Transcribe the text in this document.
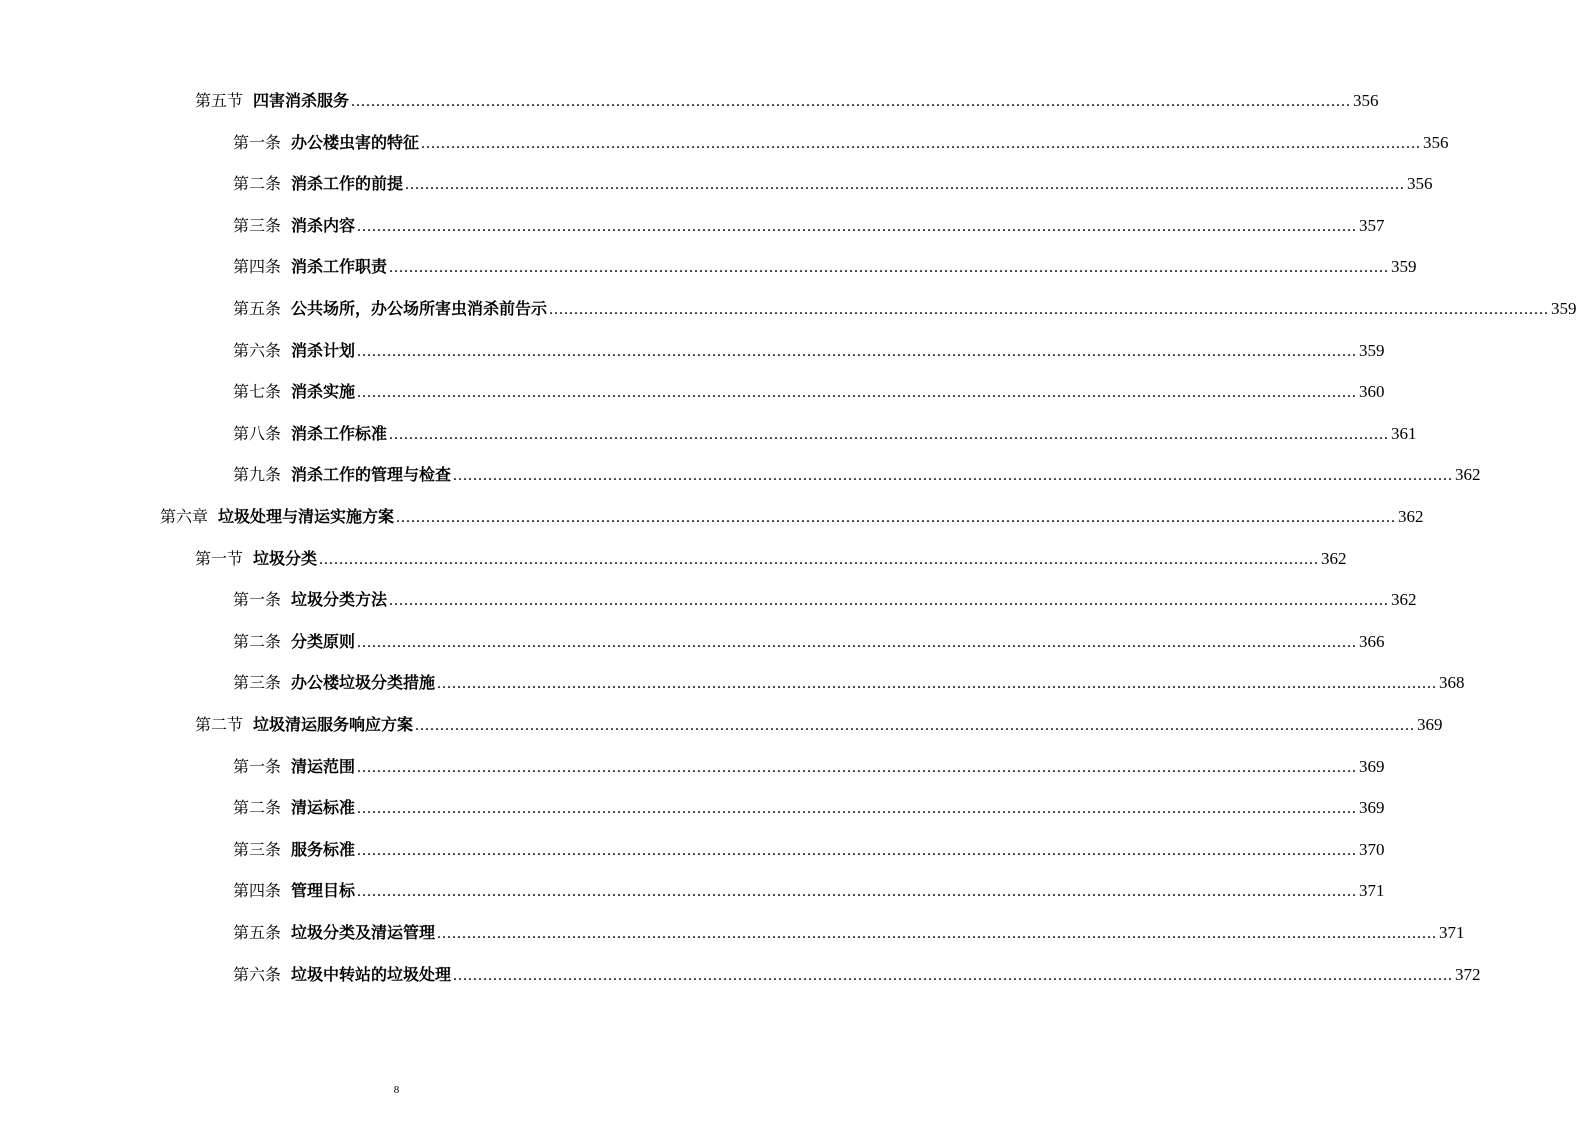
第五节 四害消杀服务 ........................................................................................................................................................................................................ 356
第一条 办公楼虫害的特征 ........................................................................................................................................................................................................ 356
第二条 消杀工作的前提 ........................................................................................................................................................................................................ 356
第三条 消杀内容 ........................................................................................................................................................................................................ 357
第四条 消杀工作职责 ........................................................................................................................................................................................................ 359
第五条 公共场所，办公场所害虫消杀前告示 ........................................................................................................................................................................................................ 359
第六条 消杀计划 ........................................................................................................................................................................................................ 359
第七条 消杀实施 ........................................................................................................................................................................................................ 360
第八条 消杀工作标准 ........................................................................................................................................................................................................ 361
第九条 消杀工作的管理与检查 ........................................................................................................................................................................................................ 362
第六章 垃圾处理与清运实施方案 ........................................................................................................................................................................................................ 362
第一节 垃圾分类 ........................................................................................................................................................................................................ 362
第一条 垃圾分类方法 ........................................................................................................................................................................................................ 362
第二条 分类原则 ........................................................................................................................................................................................................ 366
第三条 办公楼垃圾分类措施 ........................................................................................................................................................................................................ 368
第二节 垃圾清运服务响应方案 ........................................................................................................................................................................................................ 369
第一条 清运范围 ........................................................................................................................................................................................................ 369
第二条 清运标准 ........................................................................................................................................................................................................ 369
第三条 服务标准 ........................................................................................................................................................................................................ 370
第四条 管理目标 ........................................................................................................................................................................................................ 371
第五条 垃圾分类及清运管理 ........................................................................................................................................................................................................ 371
第六条 垃圾中转站的垃圾处理 ........................................................................................................................................................................................................ 372
8
